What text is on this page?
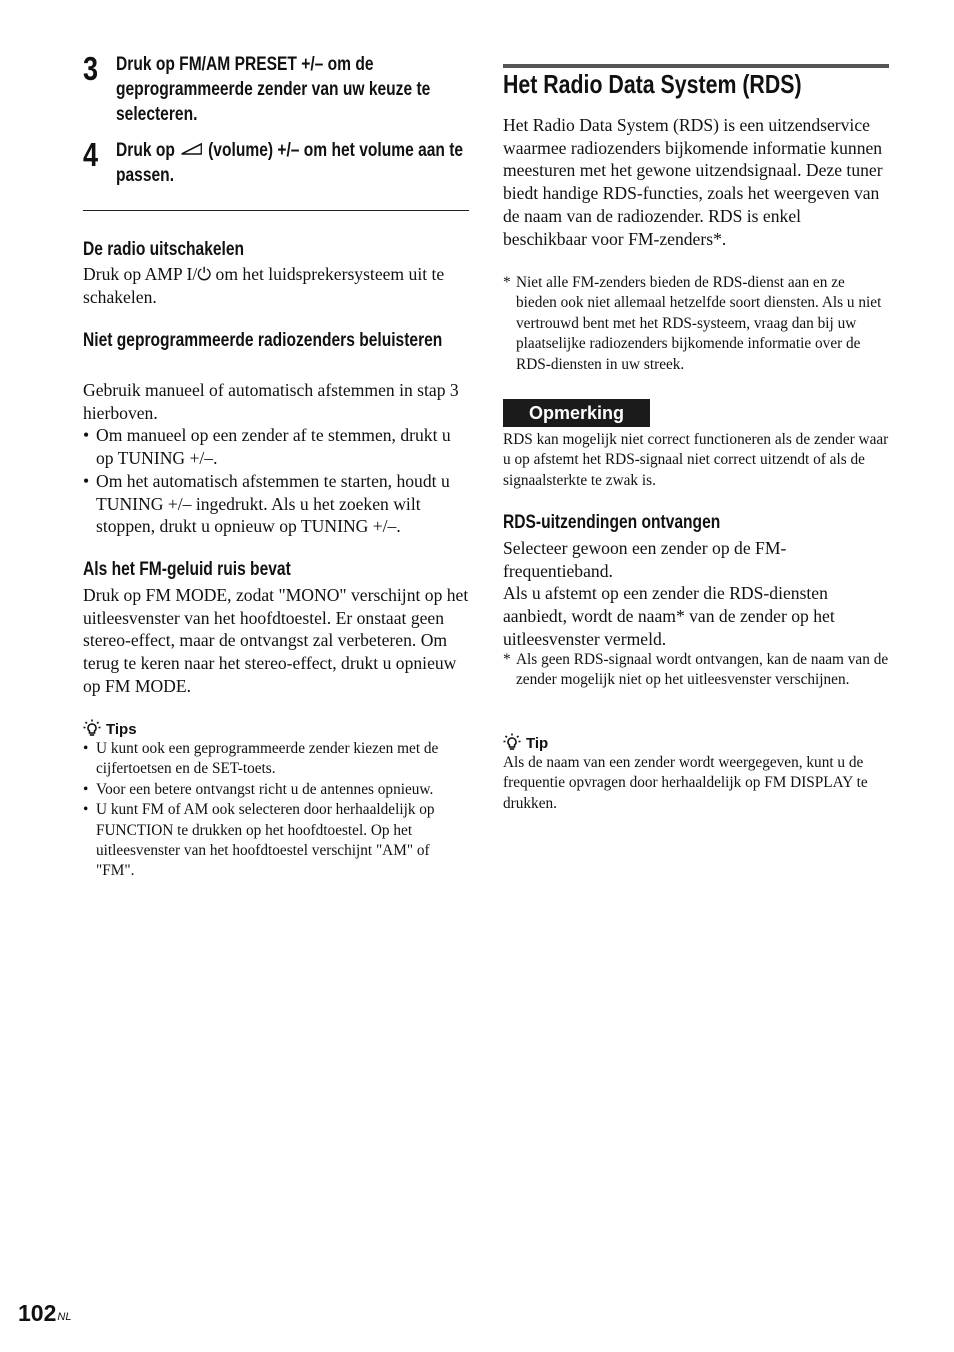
3 Druk op FM/AM PRESET +/– om de geprogrammeerde zender van uw keuze te selecteren.
4 Druk op (volume) +/– om het volume aan te passen.
De radio uitschakelen
Druk op AMP I/⏻ om het luidsprekersysteem uit te schakelen.
Niet geprogrammeerde radiozenders beluisteren
Gebruik manueel of automatisch afstemmen in stap 3 hierboven.
• Om manueel op een zender af te stemmen, drukt u op TUNING +/–.
• Om het automatisch afstemmen te starten, houdt u TUNING +/– ingedrukt. Als u het zoeken wilt stoppen, drukt u opnieuw op TUNING +/–.
Als het FM-geluid ruis bevat
Druk op FM MODE, zodat "MONO" verschijnt op het uitleesvenster van het hoofdtoestel. Er onstaat geen stereo-effect, maar de ontvangst zal verbeteren. Om terug te keren naar het stereo-effect, drukt u opnieuw op FM MODE.
Tips
• U kunt ook een geprogrammeerde zender kiezen met de cijfertoetsen en de SET-toets.
• Voor een betere ontvangst richt u de antennes opnieuw.
• U kunt FM of AM ook selecteren door herhaaldelijk op FUNCTION te drukken op het hoofdtoestel. Op het uitleesvenster van het hoofdtoestel verschijnt "AM" of "FM".
Het Radio Data System (RDS)
Het Radio Data System (RDS) is een uitzendservice waarmee radiozenders bijkomende informatie kunnen meesturen met het gewone uitzendsignaal. Deze tuner biedt handige RDS-functies, zoals het weergeven van de naam van de radiozender. RDS is enkel beschikbaar voor FM-zenders*.
* Niet alle FM-zenders bieden de RDS-dienst aan en ze bieden ook niet allemaal hetzelfde soort diensten. Als u niet vertrouwd bent met het RDS-systeem, vraag dan bij uw plaatselijke radiozenders bijkomende informatie over de RDS-diensten in uw streek.
Opmerking
RDS kan mogelijk niet correct functioneren als de zender waar u op afstemt het RDS-signaal niet correct uitzendt of als de signaalsterkte te zwak is.
RDS-uitzendingen ontvangen
Selecteer gewoon een zender op de FM-frequentieband.
Als u afstemt op een zender die RDS-diensten aanbiedt, wordt de naam* van de zender op het uitleesvenster vermeld.
* Als geen RDS-signaal wordt ontvangen, kan de naam van de zender mogelijk niet op het uitleesvenster verschijnen.
Tip
Als de naam van een zender wordt weergegeven, kunt u de frequentie opvragen door herhaaldelijk op FM DISPLAY te drukken.
$102^{NL}$
